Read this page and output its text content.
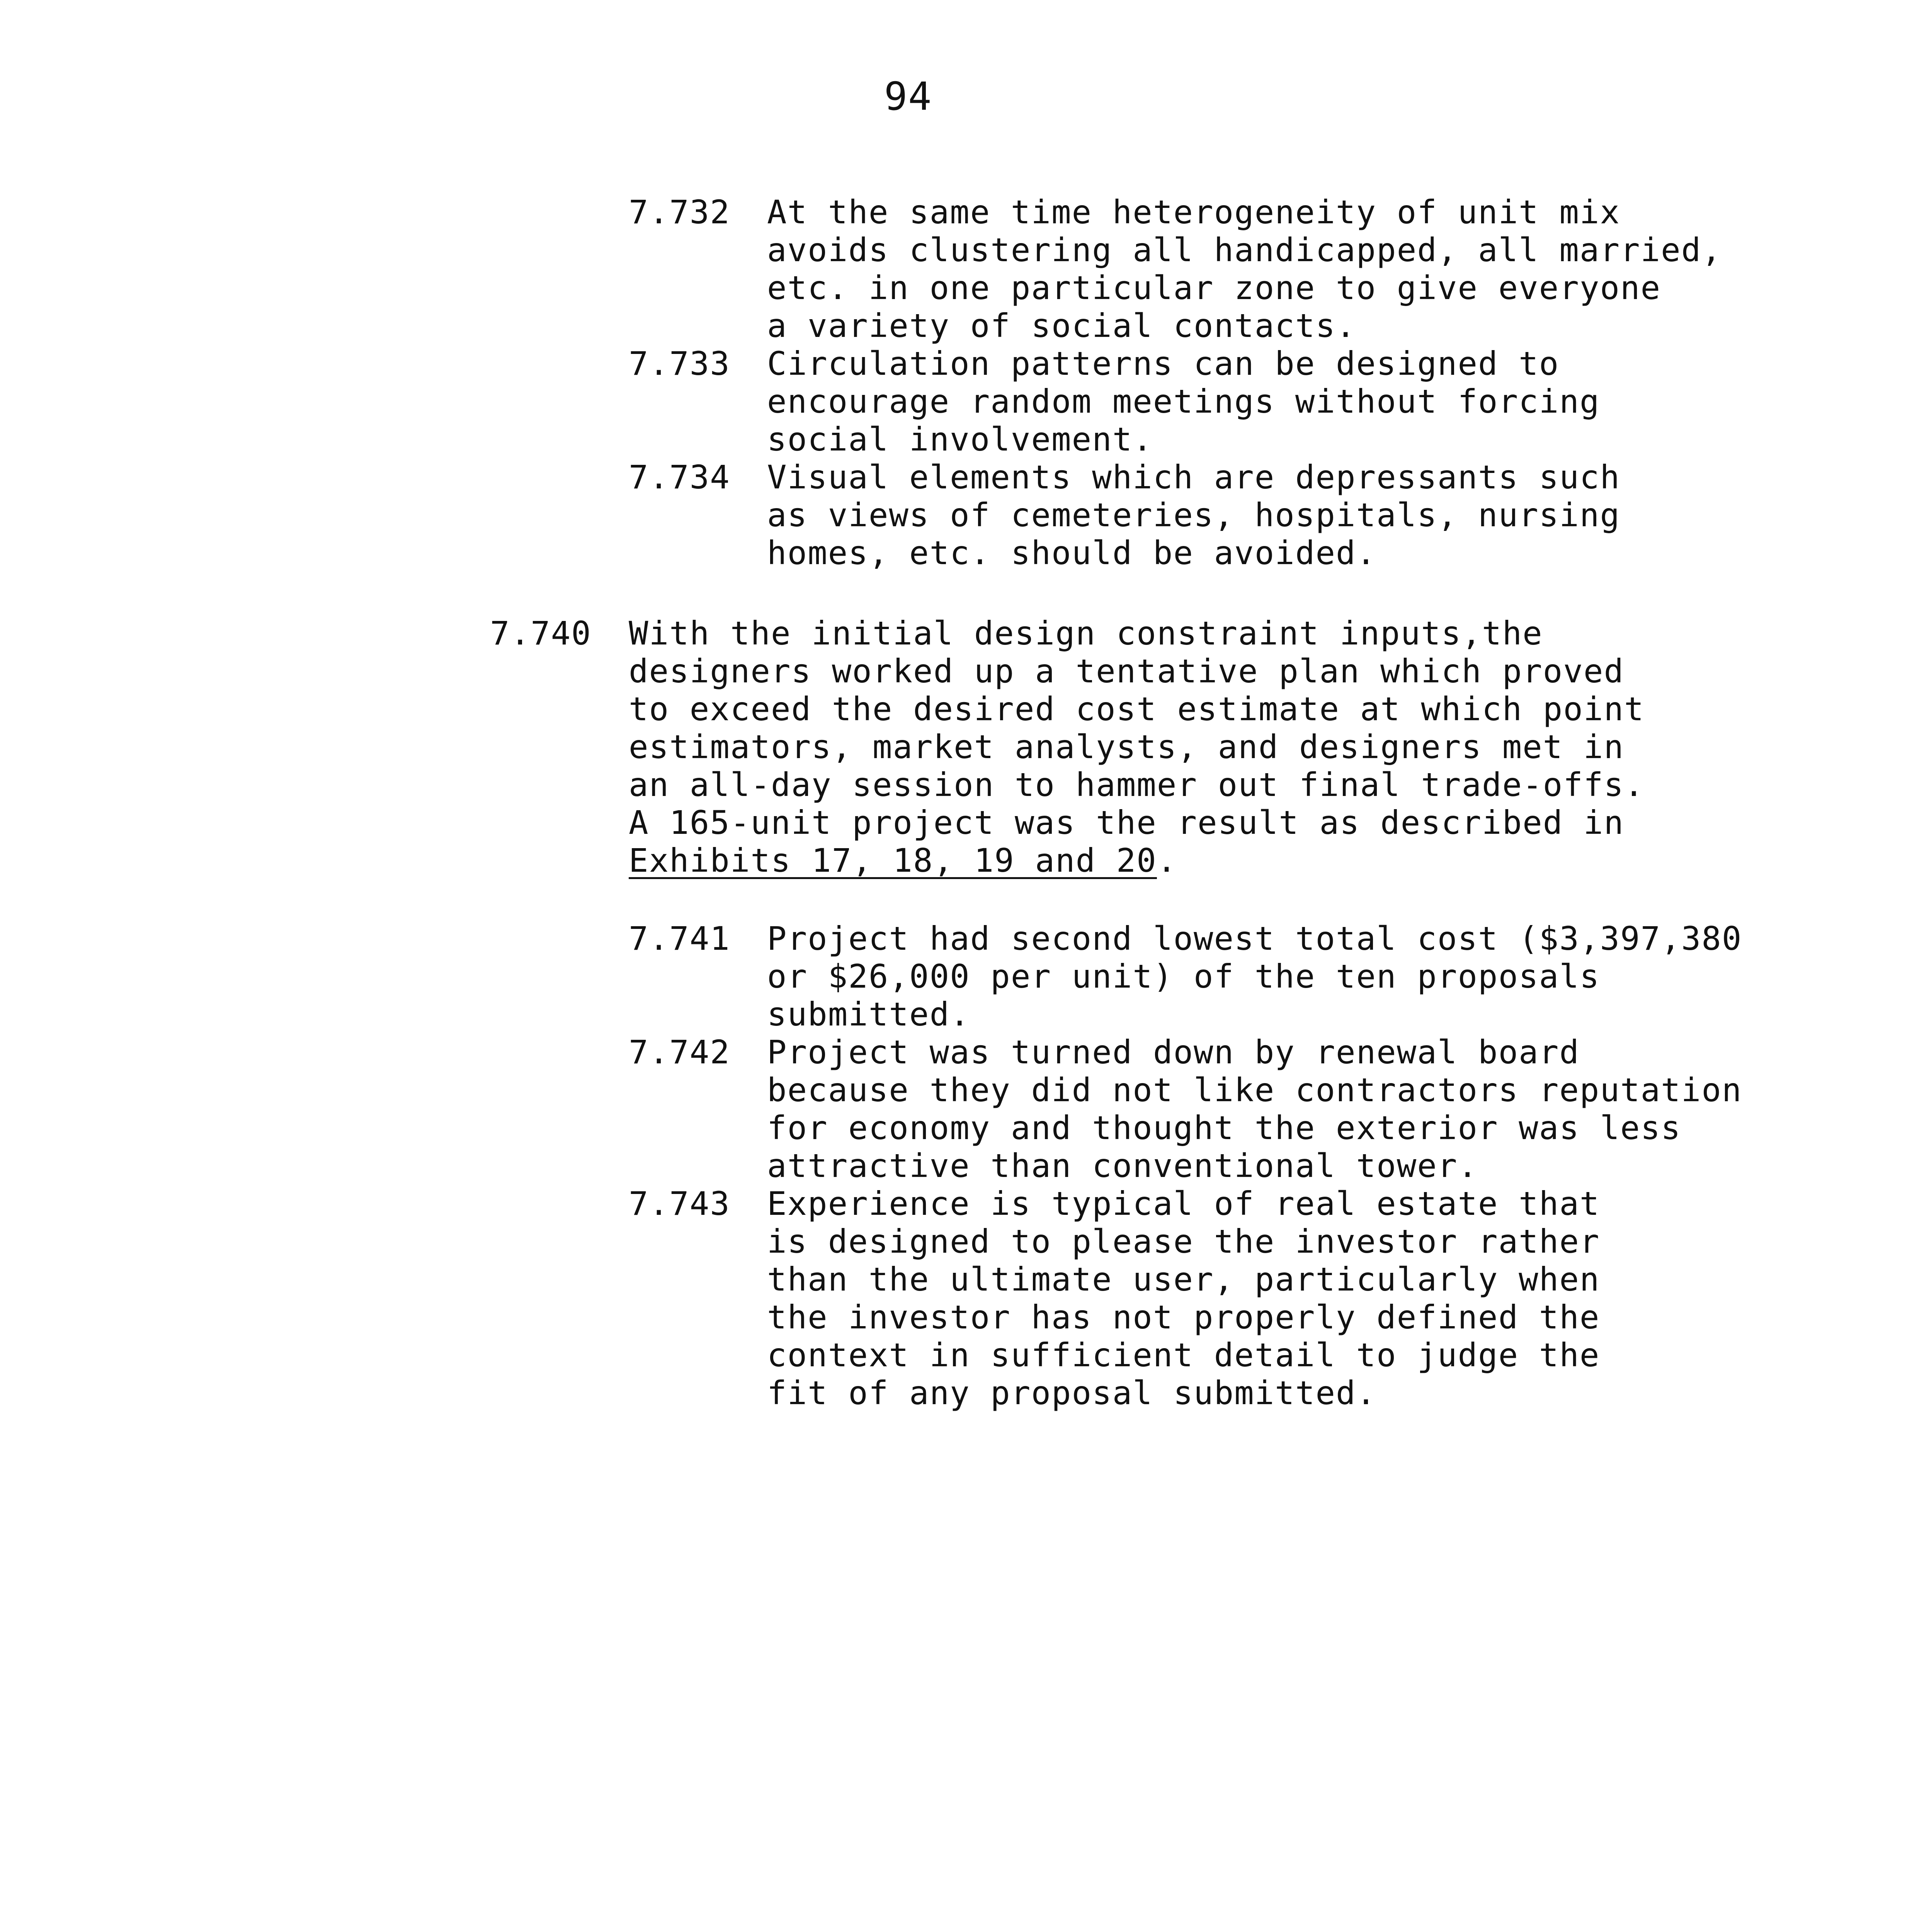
94
7.732 At the same time heterogeneity of unit mix
avoids clustering all handicapped, all married,
etc. in one particular zone to give everyone
a variety of social contacts.
7.733 Circulation patterns can be designed to
encourage random meetings without forcing
social involvement.
7.734 Visual elements which are depressants such
as views of cemeteries, hospitals, nursing
homes, etc. should be avoided.
7.740 With the initial design constraint inputs,the
designers worked up a tentative plan which proved
to exceed the desired cost estimate at which point
estimators, market analysts, and designers met in
an all-day session to hammer out final trade-offs.
A 165-unit project was the result as described in
Exhibits 17, 18, 19 and 20.
7.741 Project had second lowest total cost ($3,397,380
or $26,000 per unit) of the ten proposals
submitted.
7.742 Project was turned down by renewal board
because they did not like contractors reputation
for economy and thought the exterior was less
attractive than conventional tower.
7.743 Experience is typical of real estate that
is designed to please the investor rather
than the ultimate user, particularly when
the investor has not properly defined the
context in sufficient detail to judge the
fit of any proposal submitted.
